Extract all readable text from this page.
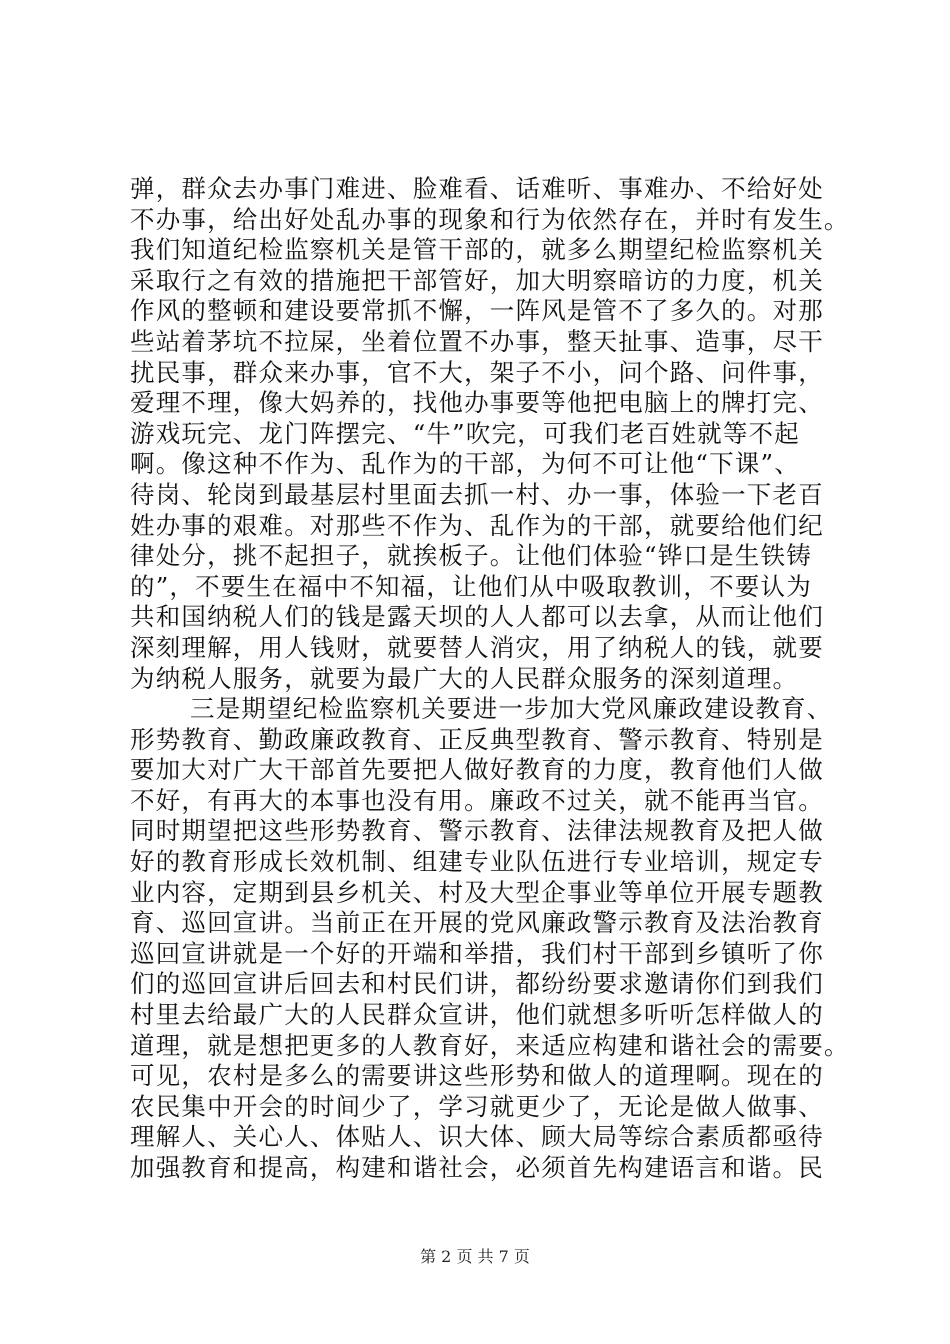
弹，群众去办事门难进、脸难看、话难听、事难办、不给好处
不办事，给出好处乱办事的现象和行为依然存在，并时有发生。
我们知道纪检监察机关是管干部的，就多么期望纪检监察机关
采取行之有效的措施把干部管好，加大明察暗访的力度，机关
作风的整顿和建设要常抓不懈，一阵风是管不了多久的。对那
些站着茅坑不拉屎，坐着位置不办事，整天扯事、造事，尽干
扰民事，群众来办事，官不大，架子不小，问个路、问件事，
爱理不理，像大妈养的，找他办事要等他把电脑上的牌打完、
游戏玩完、龙门阵摆完、“牛”吹完，可我们老百姓就等不起
啊。像这种不作为、乱作为的干部，为何不可让他“下课”、
待岗、轮岗到最基层村里面去抓一村、办一事，体验一下老百
姓办事的艰难。对那些不作为、乱作为的干部，就要给他们纪
律处分，挑不起担子，就挨板子。让他们体验“铧口是生铁铸
的”，不要生在福中不知福，让他们从中吸取教训，不要认为
共和国纳税人们的钱是露天坝的人人都可以去拿，从而让他们
深刻理解，用人钱财，就要替人消灾，用了纳税人的钱，就要
为纳税人服务，就要为最广大的人民群众服务的深刻道理。
三是期望纪检监察机关要进一步加大党风廉政建设教育、
形势教育、勤政廉政教育、正反典型教育、警示教育、特别是
要加大对广大干部首先要把人做好教育的力度，教育他们人做
不好，有再大的本事也没有用。廉政不过关，就不能再当官。
同时期望把这些形势教育、警示教育、法律法规教育及把人做
好的教育形成长效机制、组建专业队伍进行专业培训，规定专
业内容，定期到县乡机关、村及大型企事业等单位开展专题教
育、巡回宣讲。当前正在开展的党风廉政警示教育及法治教育
巡回宣讲就是一个好的开端和举措，我们村干部到乡镇听了你
们的巡回宣讲后回去和村民们讲，都纷纷要求邀请你们到我们
村里去给最广大的人民群众宣讲，他们就想多听听怎样做人的
道理，就是想把更多的人教育好，来适应构建和谐社会的需要。
可见，农村是多么的需要讲这些形势和做人的道理啊。现在的
农民集中开会的时间少了，学习就更少了，无论是做人做事、
理解人、关心人、体贴人、识大体、顾大局等综合素质都亟待
加强教育和提高，构建和谐社会，必须首先构建语言和谐。民
第 2 页 共 7 页
